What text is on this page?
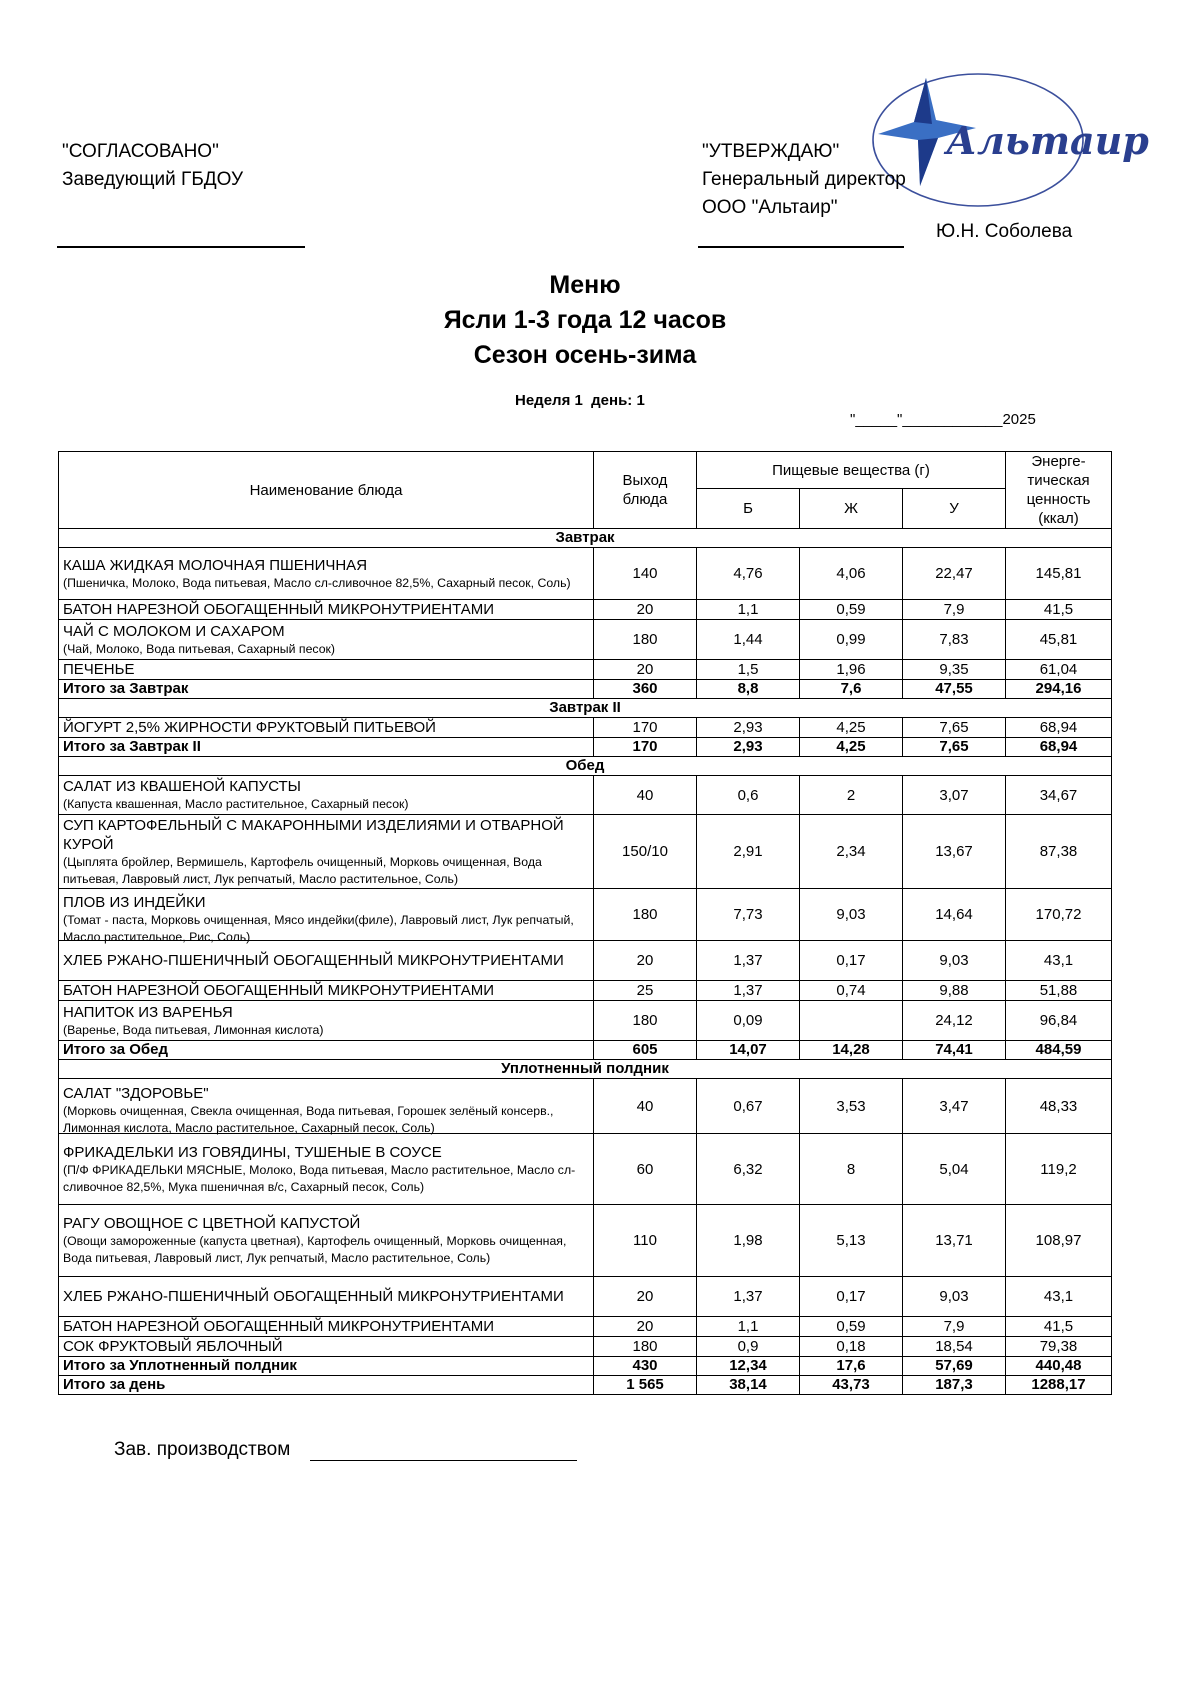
"СОГЛАСОВАНО"
Заведующий ГБДОУ
Альтаир
"УТВЕРЖДАЮ"
Генеральный директор
ООО "Альтаир"
Ю.Н. Соболева
Меню
Ясли 1-3 года 12 часов
Сезон осень-зима
Неделя 1  день: 1
"_____"____________2025
Наименование блюда	Выход блюда	Пищевые вещества (г)			Энерге-тическая ценность (ккал)
		Б	Ж	У	
Завтрак					

КАША ЖИДКАЯ МОЛОЧНАЯ ПШЕНИЧНАЯ
(Пшеничка, Молоко, Вода питьевая, Масло сл-сливочное 82,5%, Сахарный песок, Соль)	140	4,76	4,06	22,47	145,81

БАТОН НАРЕЗНОЙ ОБОГАЩЕННЫЙ МИКРОНУТРИЕНТАМИ	20	1,1	0,59	7,9	41,5

ЧАЙ С МОЛОКОМ И САХАРОМ
(Чай, Молоко, Вода питьевая, Сахарный песок)	180	1,44	0,99	7,83	45,81

ПЕЧЕНЬЕ	20	1,5	1,96	9,35	61,04
Итого за Завтрак	360	8,8	7,6	47,55	294,16
Завтрак II					

ЙОГУРТ 2,5% ЖИРНОСТИ ФРУКТОВЫЙ ПИТЬЕВОЙ	170	2,93	4,25	7,65	68,94
Итого за Завтрак II	170	2,93	4,25	7,65	68,94
Обед					

САЛАТ ИЗ КВАШЕНОЙ КАПУСТЫ
(Капуста квашенная, Масло растительное, Сахарный песок)	40	0,6	2	3,07	34,67

СУП КАРТОФЕЛЬНЫЙ С МАКАРОННЫМИ ИЗДЕЛИЯМИ И ОТВАРНОЙ КУРОЙ
(Цыплята бройлер, Вермишель, Картофель очищенный, Морковь очищенная, Вода питьевая, Лавровый лист, Лук репчатый, Масло растительное, Соль)	150/10	2,91	2,34	13,67	87,38

ПЛОВ ИЗ ИНДЕЙКИ
(Томат - паста, Морковь очищенная, Мясо индейки(филе), Лавровый лист, Лук репчатый, Масло растительное, Рис, Соль)	180	7,73	9,03	14,64	170,72

ХЛЕБ РЖАНО-ПШЕНИЧНЫЙ ОБОГАЩЕННЫЙ МИКРОНУТРИЕНТАМИ	20	1,37	0,17	9,03	43,1

БАТОН НАРЕЗНОЙ ОБОГАЩЕННЫЙ МИКРОНУТРИЕНТАМИ	25	1,37	0,74	9,88	51,88

НАПИТОК ИЗ ВАРЕНЬЯ
(Варенье, Вода питьевая, Лимонная кислота)	180	0,09		24,12	96,84
Итого за Обед	605	14,07	14,28	74,41	484,59
Уплотненный полдник					

САЛАТ "ЗДОРОВЬЕ"
(Морковь очищенная, Свекла очищенная, Вода питьевая, Горошек зелёный консерв., Лимонная кислота, Масло растительное, Сахарный песок, Соль)	40	0,67	3,53	3,47	48,33

ФРИКАДЕЛЬКИ ИЗ ГОВЯДИНЫ, ТУШЕНЫЕ В СОУСЕ
(П/Ф ФРИКАДЕЛЬКИ МЯСНЫЕ, Молоко, Вода питьевая, Масло растительное, Масло сл-сливочное 82,5%, Мука пшеничная в/с, Сахарный песок, Соль)	60	6,32	8	5,04	119,2

РАГУ ОВОЩНОЕ С ЦВЕТНОЙ КАПУСТОЙ
(Овощи замороженные (капуста цветная), Картофель очищенный, Морковь очищенная, Вода питьевая, Лавровый лист, Лук репчатый, Масло растительное, Соль)	110	1,98	5,13	13,71	108,97

ХЛЕБ РЖАНО-ПШЕНИЧНЫЙ ОБОГАЩЕННЫЙ МИКРОНУТРИЕНТАМИ	20	1,37	0,17	9,03	43,1

БАТОН НАРЕЗНОЙ ОБОГАЩЕННЫЙ МИКРОНУТРИЕНТАМИ	20	1,1	0,59	7,9	41,5

СОК ФРУКТОВЫЙ ЯБЛОЧНЫЙ	180	0,9	0,18	18,54	79,38
Итого за Уплотненный полдник	430	12,34	17,6	57,69	440,48
Итого за день	1 565	38,14	43,73	187,3	1288,17
Зав. производством
